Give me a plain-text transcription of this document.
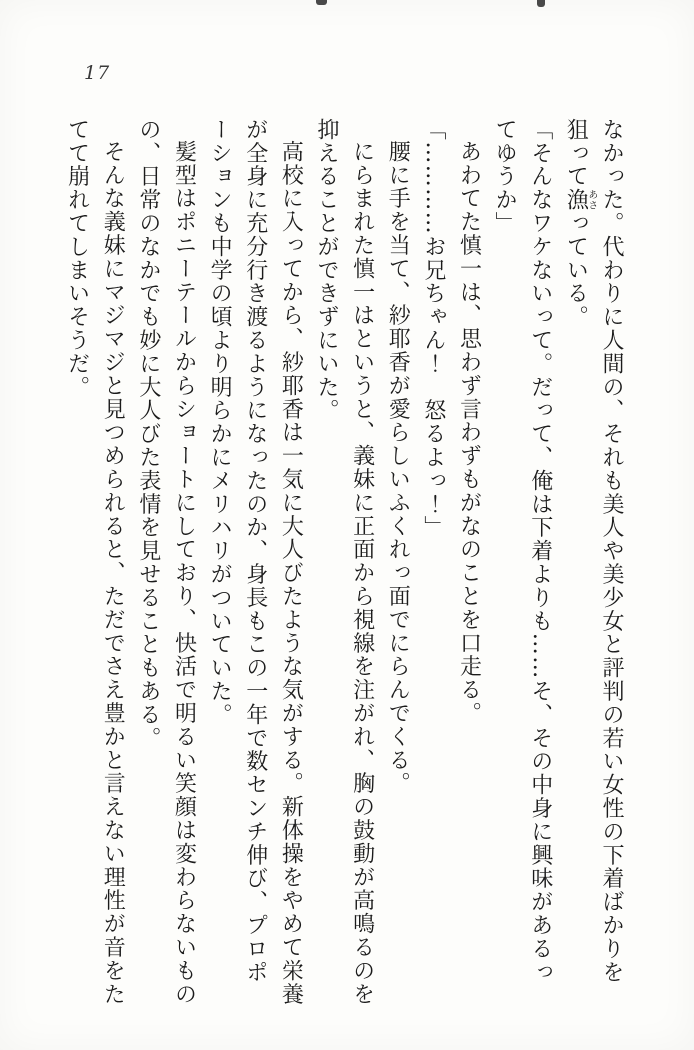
17

なかった。代わりに人間の、それも美人や美少女と評判の若い女性の下着ばかりを狙って漁あさっている。

「そんなワケないって。だって、俺は下着よりも……そ、その中身に興味があるってゆうか」

あわてた慎一は、思わず言わずもがなのことを口走る。

「…………お兄ちゃん！　怒るよっ！」

腰に手を当て、紗耶香が愛らしいふくれっ面でにらんでくる。

にらまれた慎一はというと、義妹に正面から視線を注がれ、胸の鼓動が高鳴るのを抑えることができずにいた。

高校に入ってから、紗耶香は一気に大人びたような気がする。新体操をやめて栄養が全身に充分行き渡るようになったのか、身長もこの一年で数センチ伸び、プロポーションも中学の頃より明らかにメリハリがついていた。

髪型はポニーテールからショートにしており、快活で明るい笑顔は変わらないものの、日常のなかでも妙に大人びた表情を見せることもある。

そんな義妹にマジマジと見つめられると、ただでさえ豊かと言えない理性が音をたてて崩れてしまいそうだ。
